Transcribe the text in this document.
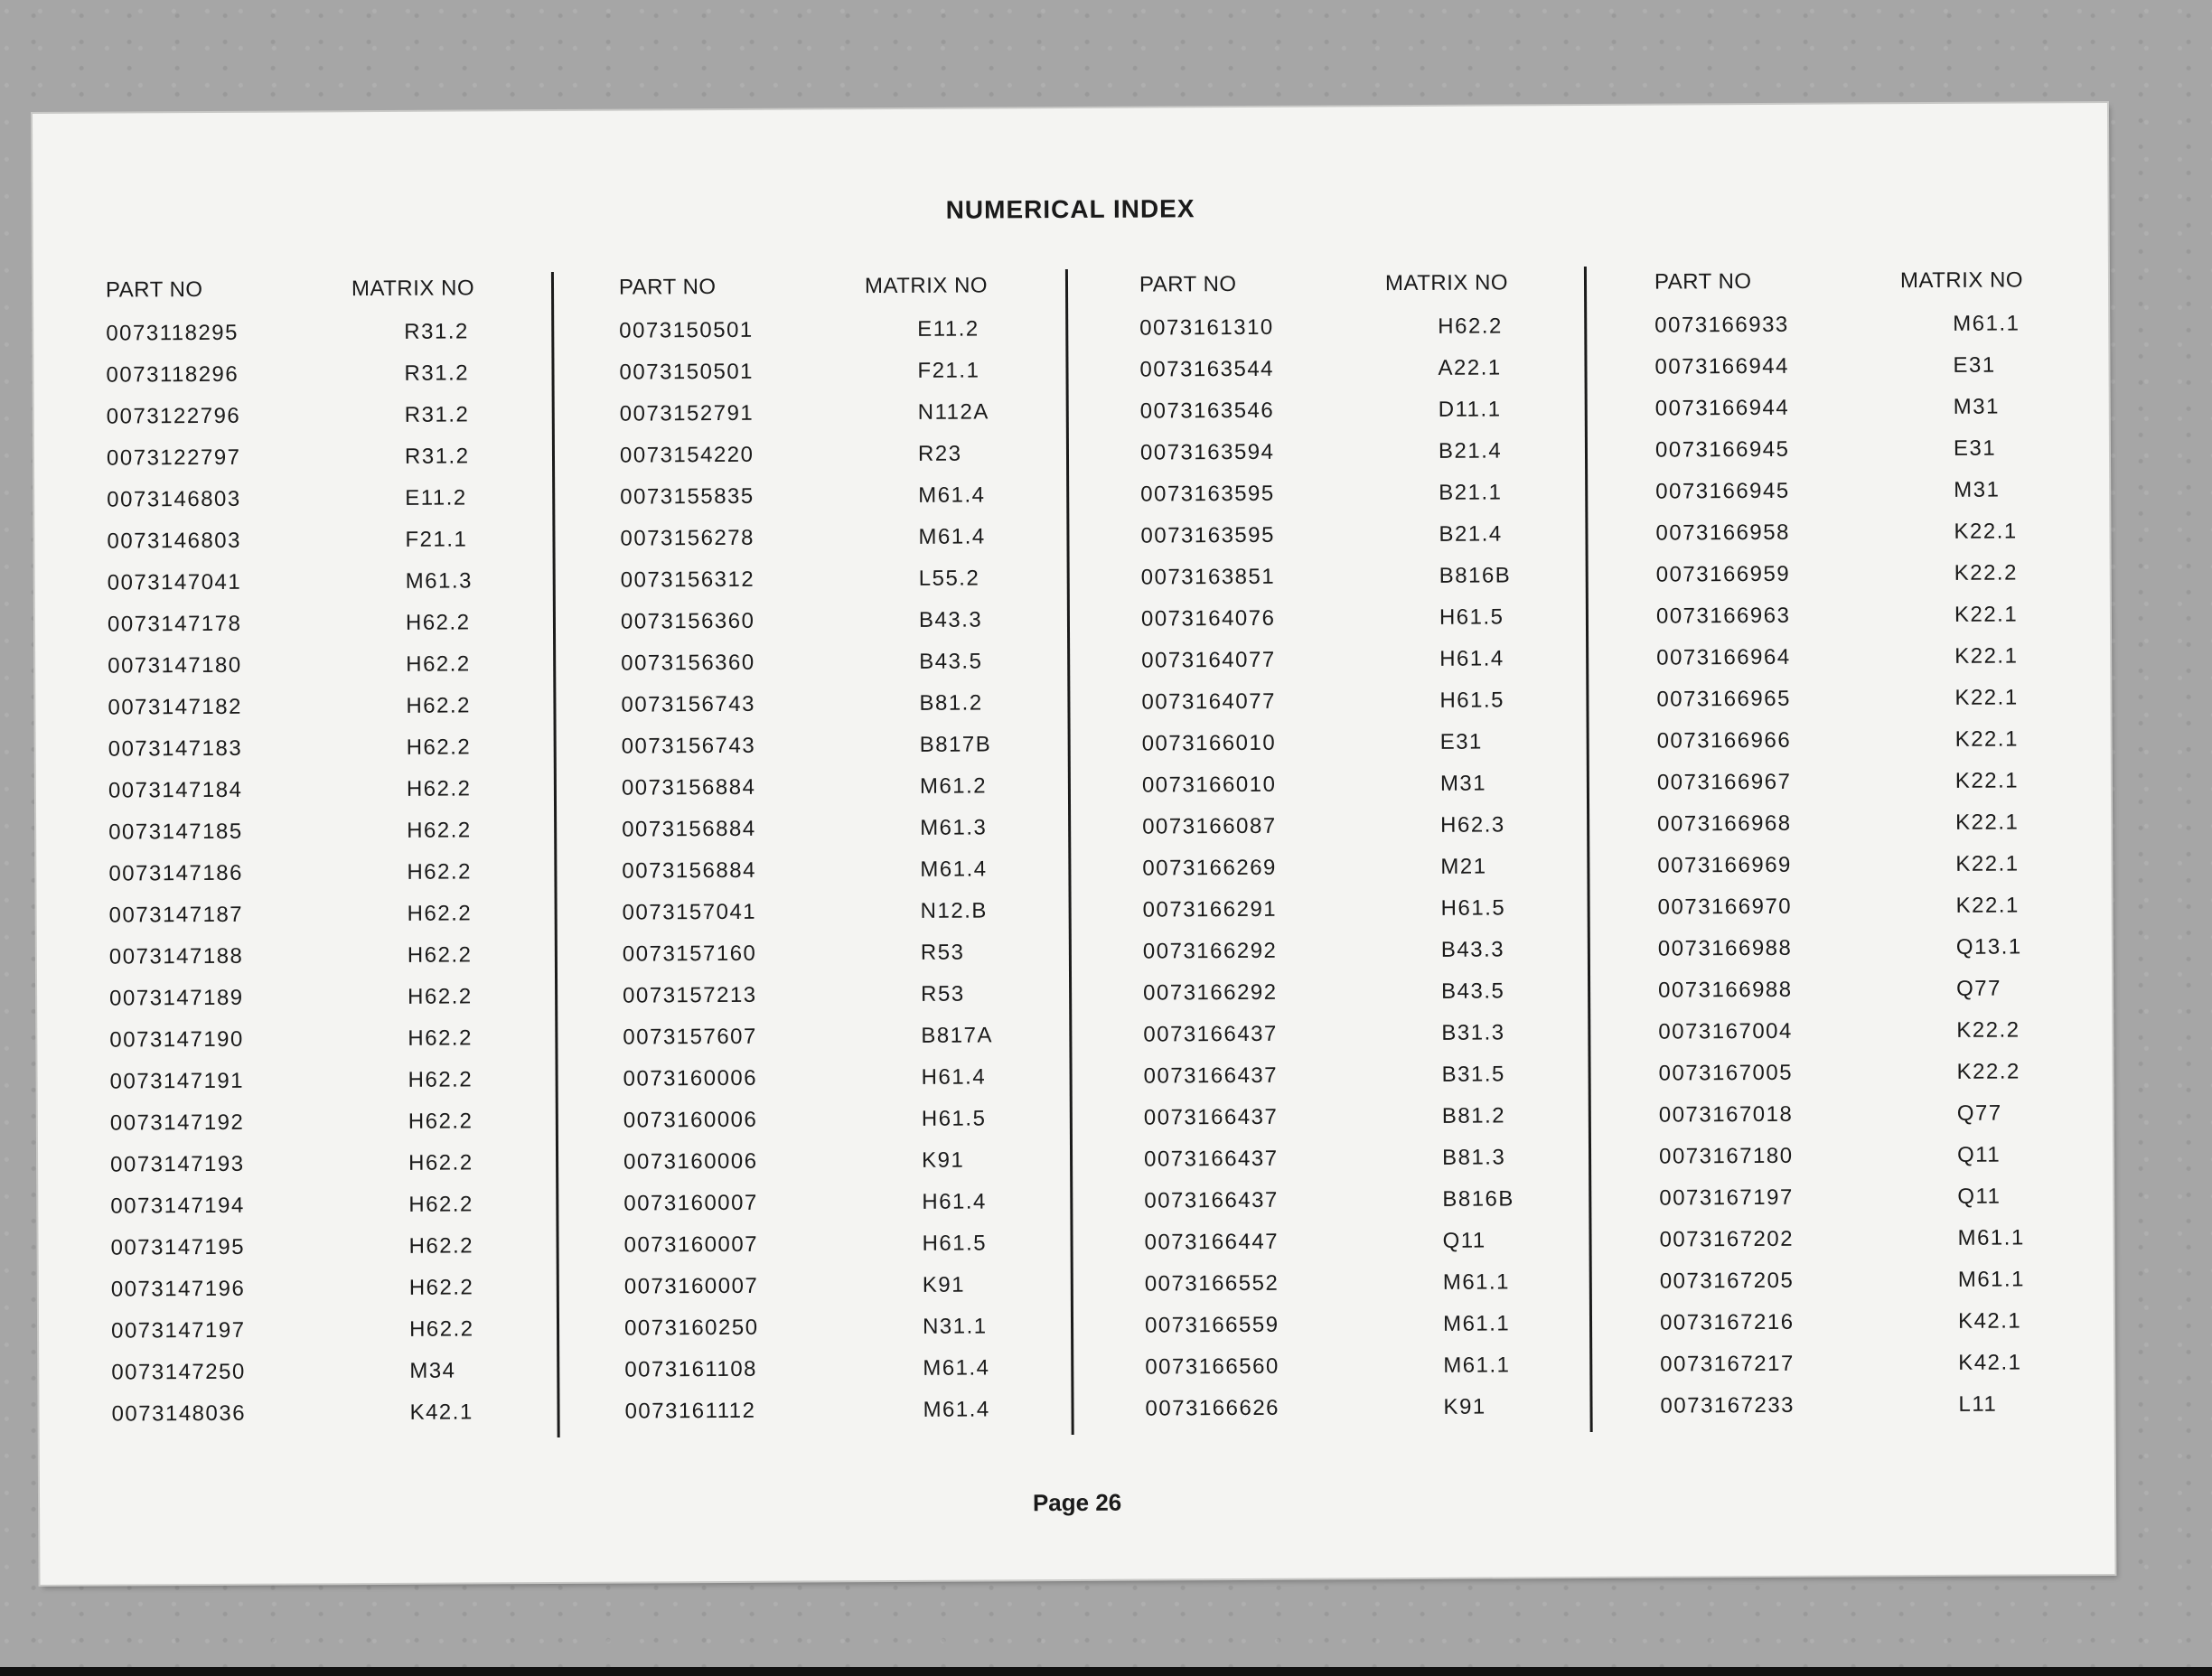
NUMERICAL INDEX
PART NO	MATRIX NO
0073118295	R31.2
0073118296	R31.2
0073122796	R31.2
0073122797	R31.2
0073146803	E11.2
0073146803	F21.1
0073147041	M61.3
0073147178	H62.2
0073147180	H62.2
0073147182	H62.2
0073147183	H62.2
0073147184	H62.2
0073147185	H62.2
0073147186	H62.2
0073147187	H62.2
0073147188	H62.2
0073147189	H62.2
0073147190	H62.2
0073147191	H62.2
0073147192	H62.2
0073147193	H62.2
0073147194	H62.2
0073147195	H62.2
0073147196	H62.2
0073147197	H62.2
0073147250	M34
0073148036	K42.1
PART NO	MATRIX NO
0073150501	E11.2
0073150501	F21.1
0073152791	N112A
0073154220	R23
0073155835	M61.4
0073156278	M61.4
0073156312	L55.2
0073156360	B43.3
0073156360	B43.5
0073156743	B81.2
0073156743	B817B
0073156884	M61.2
0073156884	M61.3
0073156884	M61.4
0073157041	N12.B
0073157160	R53
0073157213	R53
0073157607	B817A
0073160006	H61.4
0073160006	H61.5
0073160006	K91
0073160007	H61.4
0073160007	H61.5
0073160007	K91
0073160250	N31.1
0073161108	M61.4
0073161112	M61.4
PART NO	MATRIX NO
0073161310	H62.2
0073163544	A22.1
0073163546	D11.1
0073163594	B21.4
0073163595	B21.1
0073163595	B21.4
0073163851	B816B
0073164076	H61.5
0073164077	H61.4
0073164077	H61.5
0073166010	E31
0073166010	M31
0073166087	H62.3
0073166269	M21
0073166291	H61.5
0073166292	B43.3
0073166292	B43.5
0073166437	B31.3
0073166437	B31.5
0073166437	B81.2
0073166437	B81.3
0073166437	B816B
0073166447	Q11
0073166552	M61.1
0073166559	M61.1
0073166560	M61.1
0073166626	K91
PART NO	MATRIX NO
0073166933	M61.1
0073166944	E31
0073166944	M31
0073166945	E31
0073166945	M31
0073166958	K22.1
0073166959	K22.2
0073166963	K22.1
0073166964	K22.1
0073166965	K22.1
0073166966	K22.1
0073166967	K22.1
0073166968	K22.1
0073166969	K22.1
0073166970	K22.1
0073166988	Q13.1
0073166988	Q77
0073167004	K22.2
0073167005	K22.2
0073167018	Q77
0073167180	Q11
0073167197	Q11
0073167202	M61.1
0073167205	M61.1
0073167216	K42.1
0073167217	K42.1
0073167233	L11
Page 26
